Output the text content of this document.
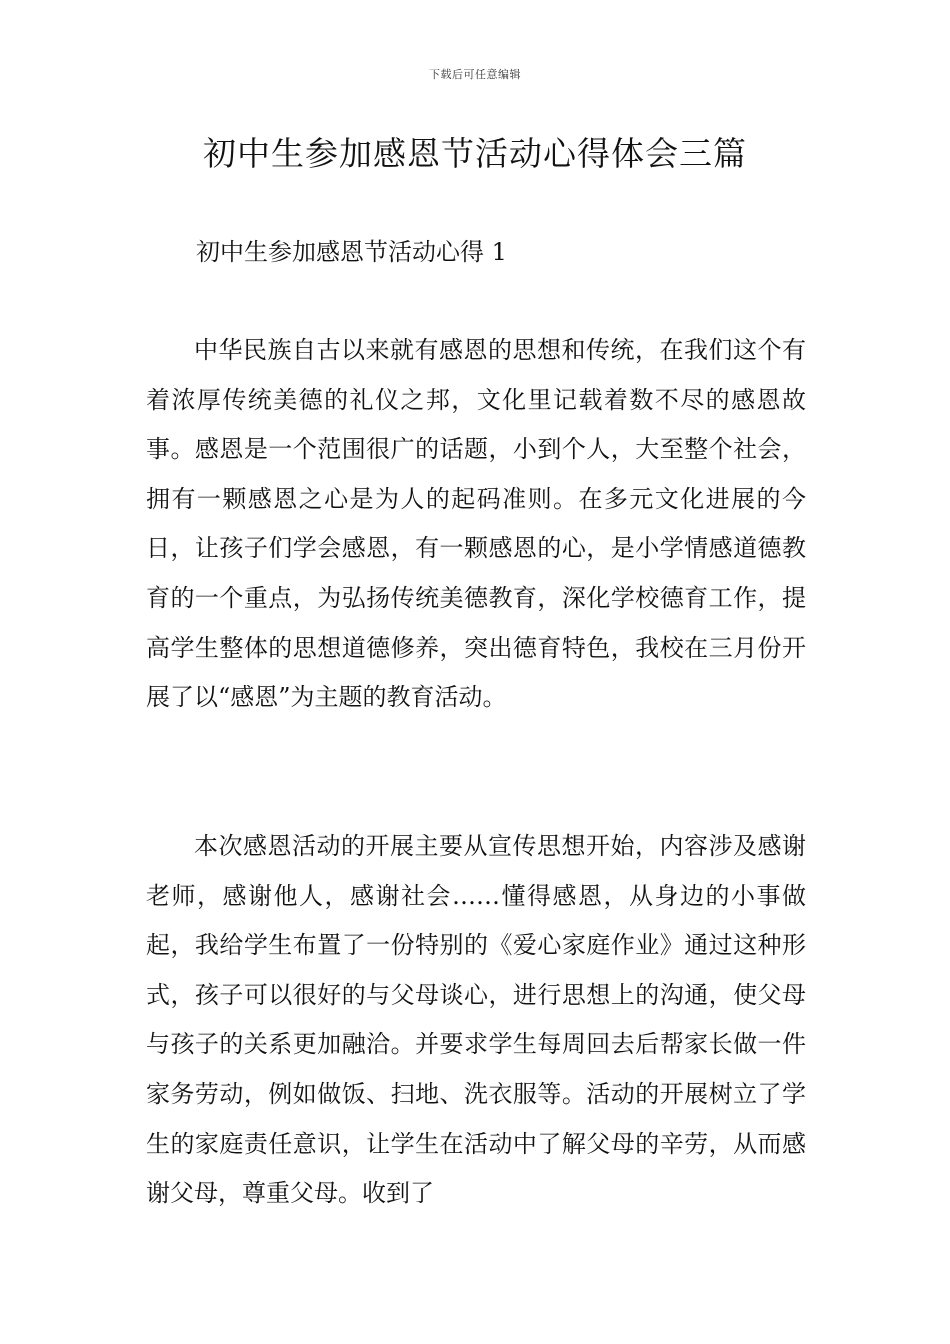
下载后可任意编辑
初中生参加感恩节活动心得体会三篇

初中生参加感恩节活动心得 1

中华民族自古以来就有感恩的思想和传统，在我们这个有着浓厚传统美德的礼仪之邦，文化里记载着数不尽的感恩故事。感恩是一个范围很广的话题，小到个人，大至整个社会，拥有一颗感恩之心是为人的起码准则。在多元文化进展的今日，让孩子们学会感恩，有一颗感恩的心，是小学情感道德教育的一个重点，为弘扬传统美德教育，深化学校德育工作，提高学生整体的思想道德修养，突出德育特色，我校在三月份开展了以“感恩”为主题的教育活动。

本次感恩活动的开展主要从宣传思想开始，内容涉及感谢老师，感谢他人，感谢社会……懂得感恩，从身边的小事做起，我给学生布置了一份特别的《爱心家庭作业》通过这种形式，孩子可以很好的与父母谈心，进行思想上的沟通，使父母与孩子的关系更加融洽。并要求学生每周回去后帮家长做一件家务劳动，例如做饭、扫地、洗衣服等。活动的开展树立了学生的家庭责任意识，让学生在活动中了解父母的辛劳，从而感谢父母，尊重父母。收到了
